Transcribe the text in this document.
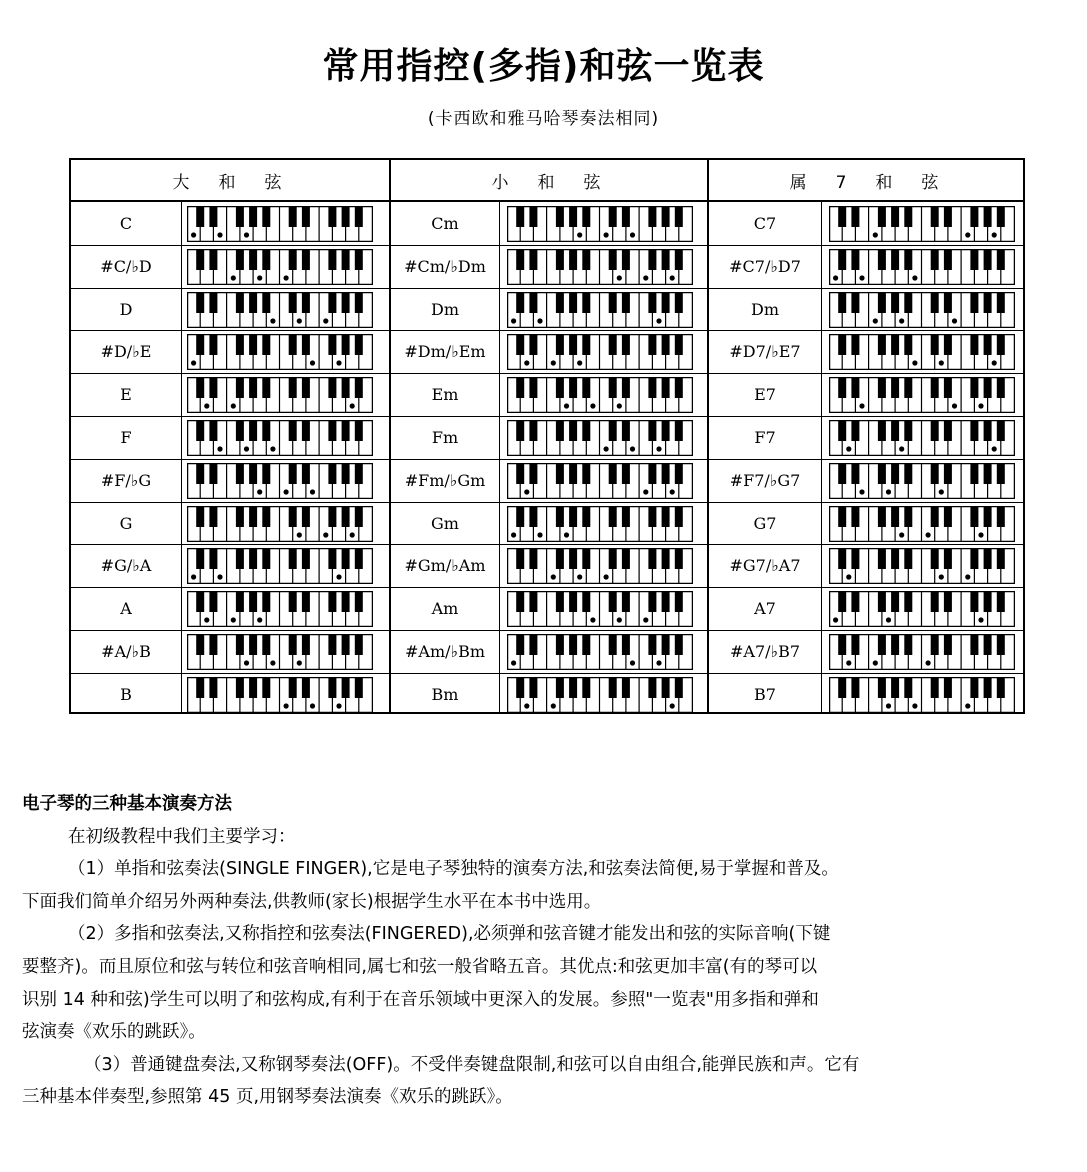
常用指控(多指)和弦一览表
(卡西欧和雅马哈琴奏法相同)
大　和　弦	小　和　弦	属　7　和　弦
C	Cm	C7
#C/♭D	#Cm/♭Dm	#C7/♭D7
D	Dm	Dm
#D/♭E	#Dm/♭Em	#D7/♭E7
E	Em	E7
F	Fm	F7
#F/♭G	#Fm/♭Gm	#F7/♭G7
G	Gm	G7
#G/♭A	#Gm/♭Am	#G7/♭A7
A	Am	A7
#A/♭B	#Am/♭Bm	#A7/♭B7
B	Bm	B7

电子琴的三种基本演奏方法

在初级教程中我们主要学习：

（1）单指和弦奏法(SINGLE FINGER),它是电子琴独特的演奏方法,和弦奏法简便,易于掌握和普及。

下面我们简单介绍另外两种奏法,供教师(家长)根据学生水平在本书中选用。

（2）多指和弦奏法,又称指控和弦奏法(FINGERED),必须弹和弦音键才能发出和弦的实际音响(下键

要整齐)。而且原位和弦与转位和弦音响相同,属七和弦一般省略五音。其优点:和弦更加丰富(有的琴可以

识别 14 种和弦)学生可以明了和弦构成,有利于在音乐领域中更深入的发展。参照"一览表"用多指和弹和

弦演奏《欢乐的跳跃》。

（3）普通键盘奏法,又称钢琴奏法(OFF)。不受伴奏键盘限制,和弦可以自由组合,能弹民族和声。它有

三种基本伴奏型,参照第 45 页,用钢琴奏法演奏《欢乐的跳跃》。
